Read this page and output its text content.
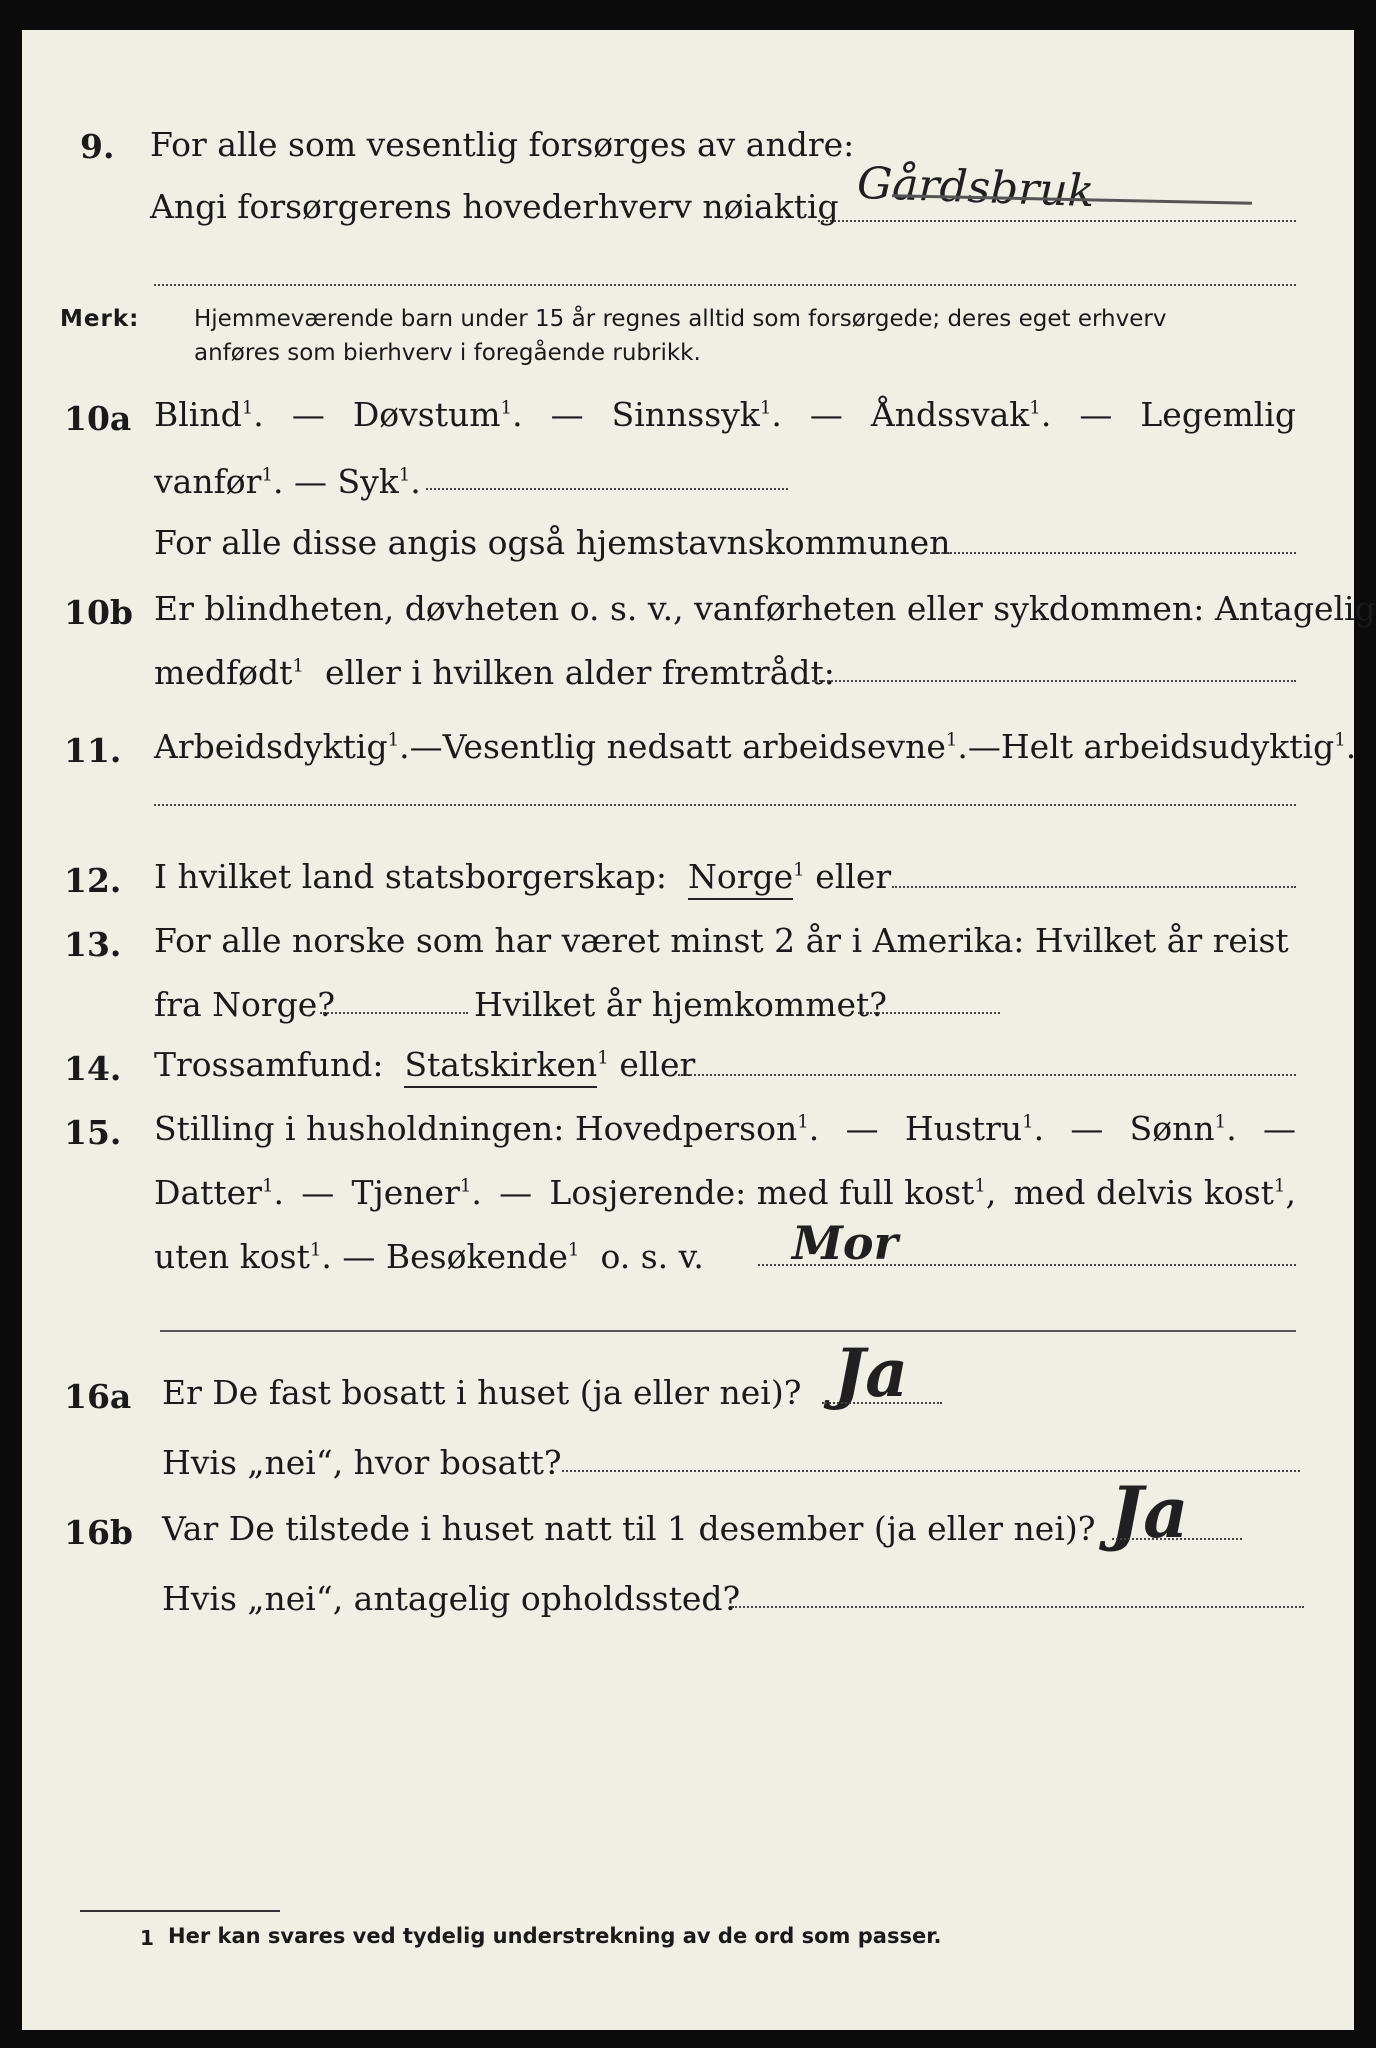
9. For alle som vesentlig forsørges av andre:
Angi forsørgerens hovederhverv nøiaktig Gårdsbruk
Merk: Hjemmeværende barn under 15 år regnes alltid som forsørgede; deres eget erhverv
anføres som bierhverv i foregående rubrikk.
10a Blind$^1$. — Døvstum$^1$. — Sinnssyk$^1$. — Åndssvak$^1$. — Legemlig
vanfør$^1$. — Syk$^1$.
For alle disse angis også hjemstavnskommunen
10b Er blindheten, døvheten o. s. v., vanførheten eller sykdommen: Antagelig
medfødt$^1$ eller i hvilken alder fremtrådt:
11. Arbeidsdyktig$^1$. — Vesentlig nedsatt arbeidsevne$^1$. — Helt arbeidsudyktig$^1$.
12. I hvilket land statsborgerskap: Norge$^1$ eller
13. For alle norske som har været minst 2 år i Amerika: Hvilket år reist
fra Norge?	Hvilket år hjemkommet?
14. Trossamfund: Statskirken$^1$ eller
15. Stilling i husholdningen: Hovedperson$^1$. — Hustru$^1$. — Sønn$^1$. —
Datter$^1$. — Tjener$^1$. — Losjerende: med full kost$^1$, med delvis kost$^1$,
uten kost$^1$. — Besøkende$^1$ o. s. v. Mor
16a Er De fast bosatt i huset (ja eller nei)? Ja
Hvis „nei“, hvor bosatt?
16b Var De tilstede i huset natt til 1 desember (ja eller nei)? Ja
Hvis „nei“, antagelig opholdssted?
1 Her kan svares ved tydelig understrekning av de ord som passer.
